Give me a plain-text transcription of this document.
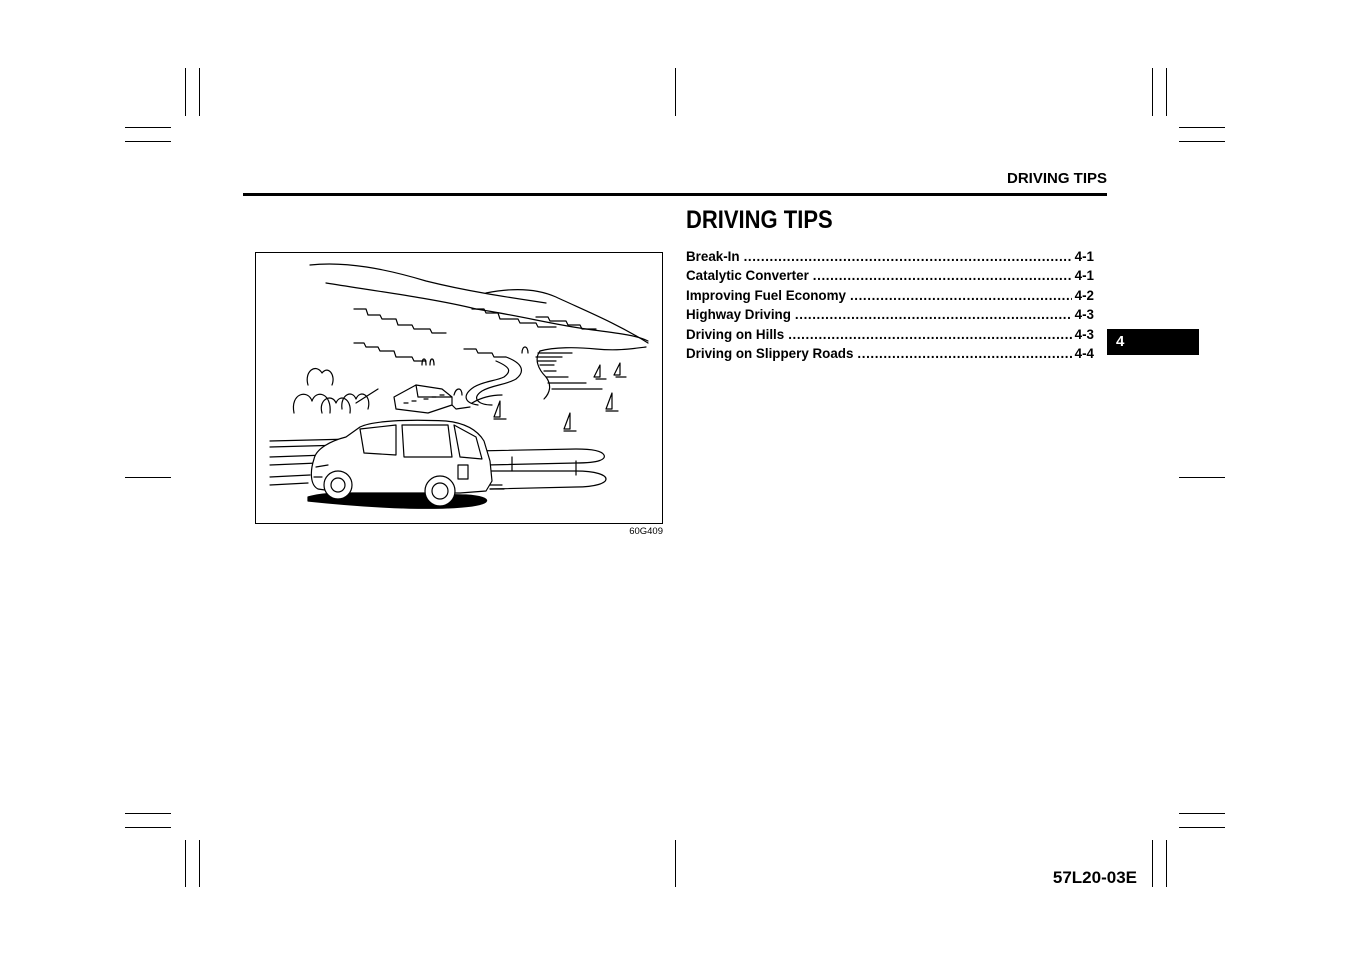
DRIVING TIPS
DRIVING TIPS
Break-In .....	4-1
Catalytic Converter .....	4-1
Improving Fuel Economy .....	4-2
Highway Driving .....	4-3
Driving on Hills .....	4-3
Driving on Slippery Roads .....	4-4
4
60G409
57L20-03E
